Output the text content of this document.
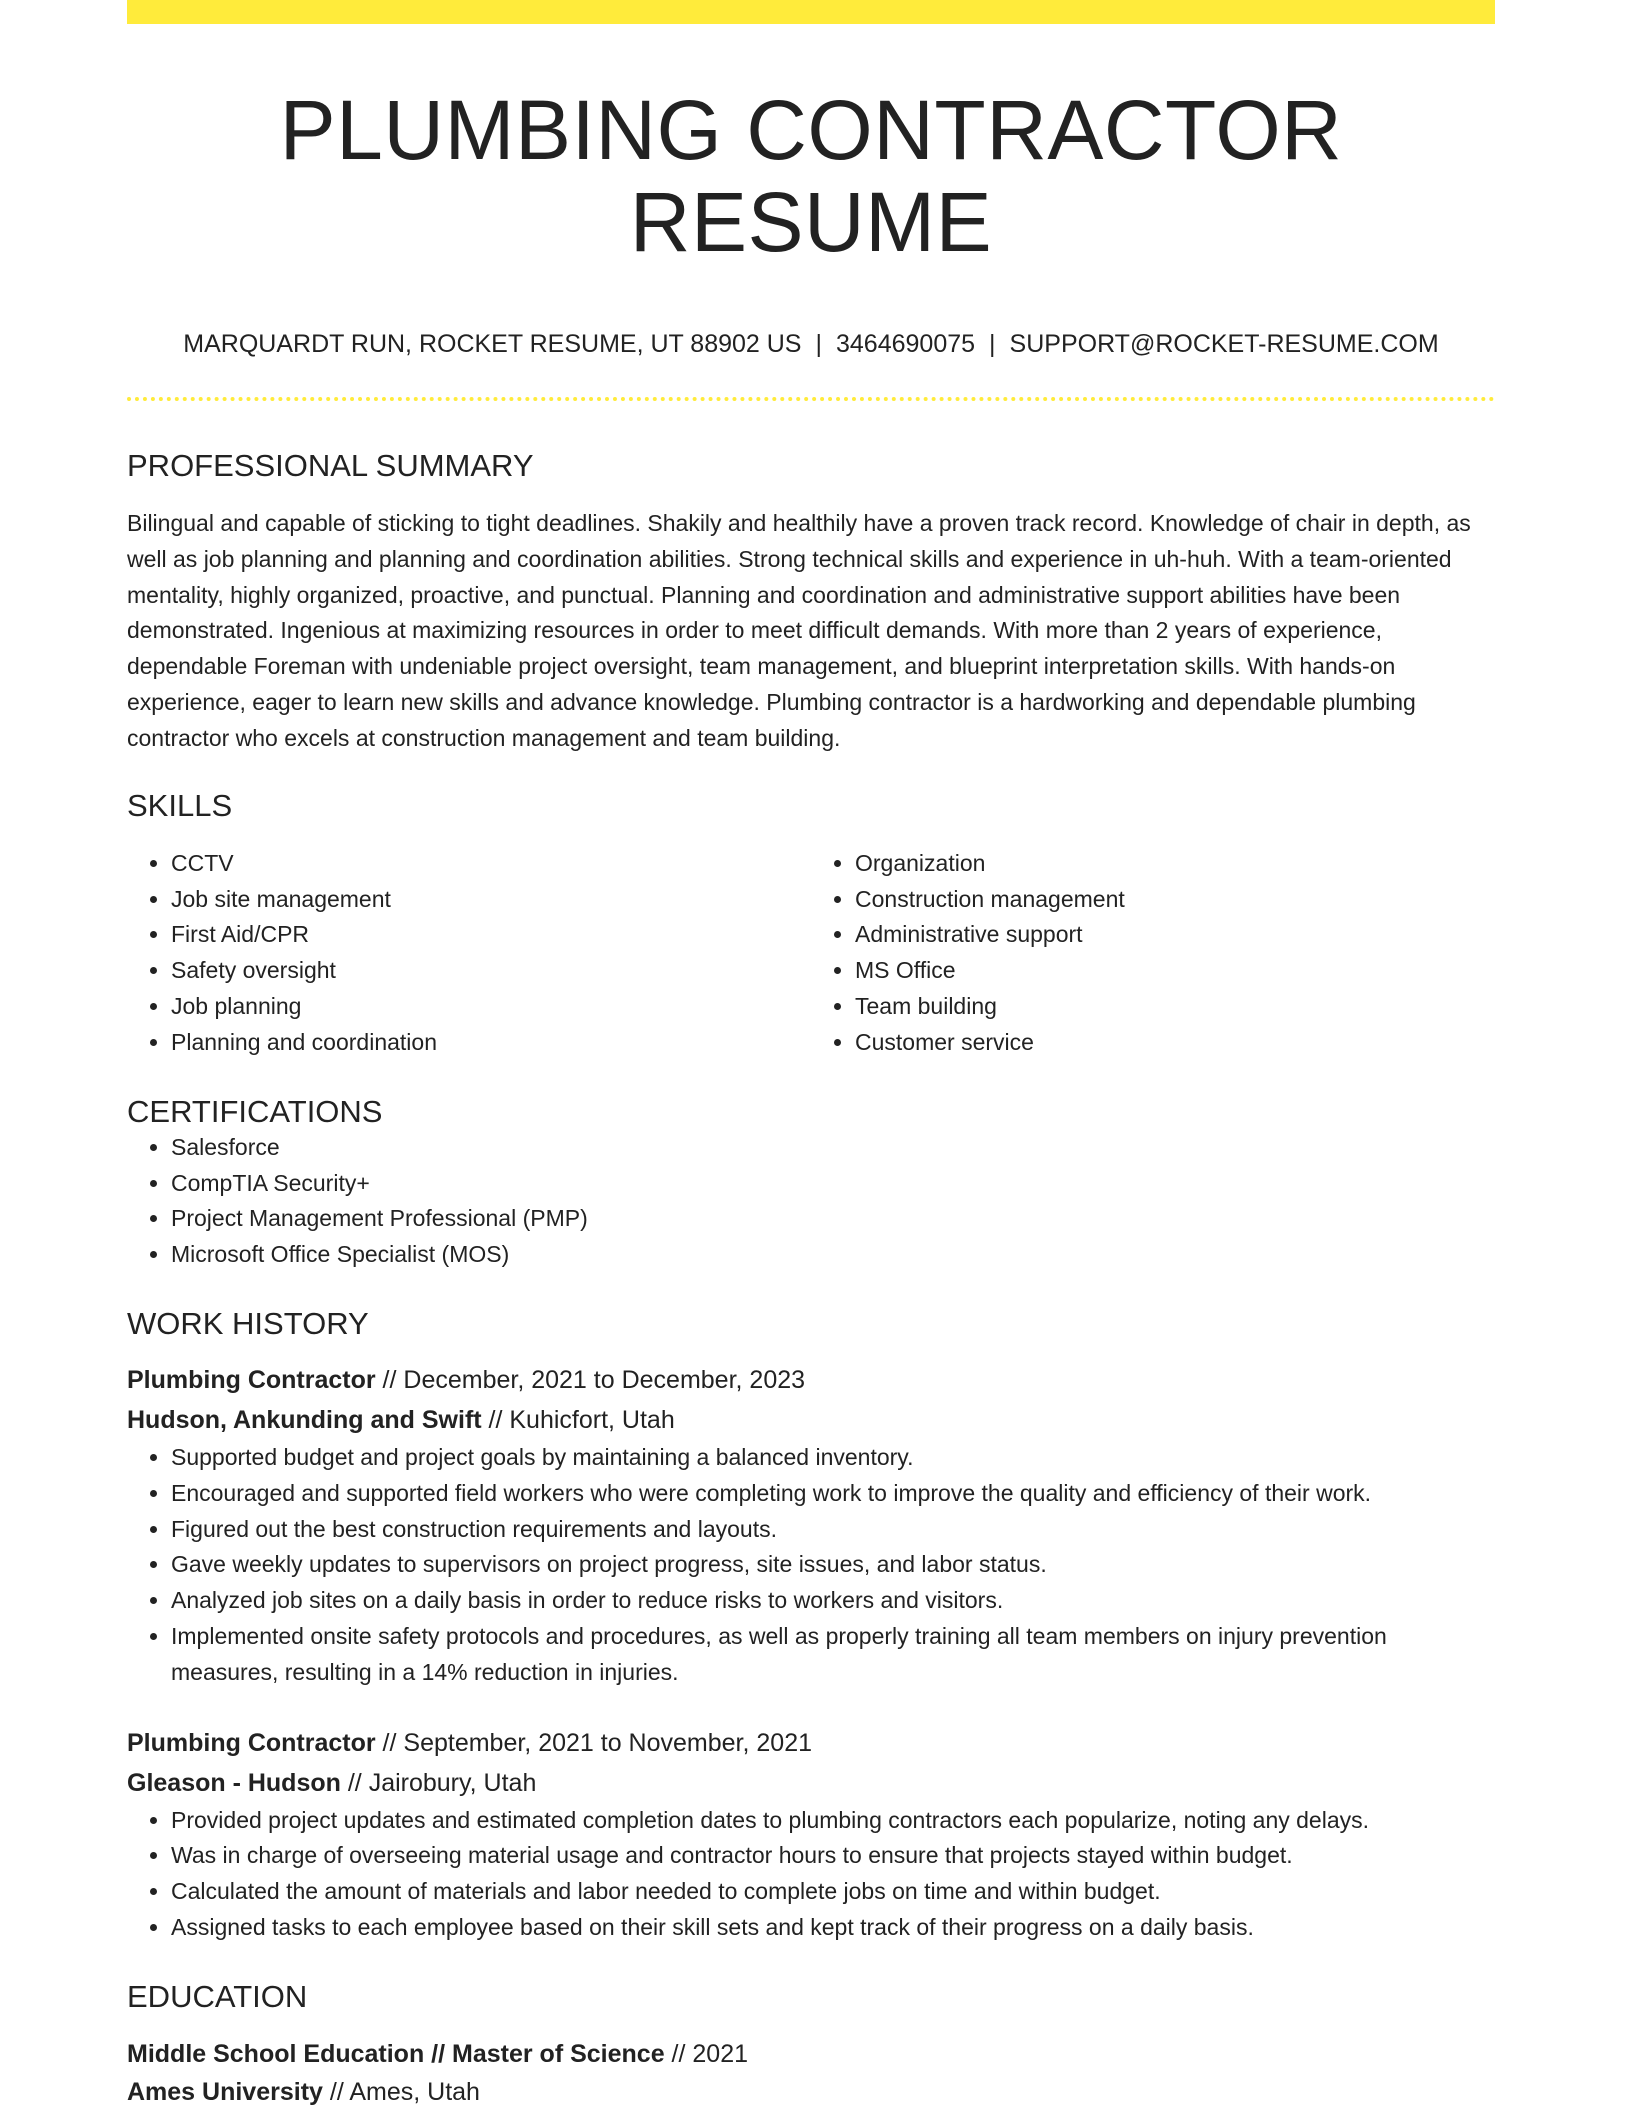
PLUMBING CONTRACTOR RESUME
MARQUARDT RUN, ROCKET RESUME, UT 88902 US | 3464690075 | SUPPORT@ROCKET-RESUME.COM
PROFESSIONAL SUMMARY
Bilingual and capable of sticking to tight deadlines. Shakily and healthily have a proven track record. Knowledge of chair in depth, as well as job planning and planning and coordination abilities. Strong technical skills and experience in uh-huh. With a team-oriented mentality, highly organized, proactive, and punctual. Planning and coordination and administrative support abilities have been demonstrated. Ingenious at maximizing resources in order to meet difficult demands. With more than 2 years of experience, dependable Foreman with undeniable project oversight, team management, and blueprint interpretation skills. With hands-on experience, eager to learn new skills and advance knowledge. Plumbing contractor is a hardworking and dependable plumbing contractor who excels at construction management and team building.
SKILLS
• CCTV
• Job site management
• First Aid/CPR
• Safety oversight
• Job planning
• Planning and coordination
• Organization
• Construction management
• Administrative support
• MS Office
• Team building
• Customer service
CERTIFICATIONS
• Salesforce
• CompTIA Security+
• Project Management Professional (PMP)
• Microsoft Office Specialist (MOS)
WORK HISTORY
Plumbing Contractor // December, 2021 to December, 2023
Hudson, Ankunding and Swift // Kuhicfort, Utah
• Supported budget and project goals by maintaining a balanced inventory.
• Encouraged and supported field workers who were completing work to improve the quality and efficiency of their work.
• Figured out the best construction requirements and layouts.
• Gave weekly updates to supervisors on project progress, site issues, and labor status.
• Analyzed job sites on a daily basis in order to reduce risks to workers and visitors.
• Implemented onsite safety protocols and procedures, as well as properly training all team members on injury prevention measures, resulting in a 14% reduction in injuries.
Plumbing Contractor // September, 2021 to November, 2021
Gleason - Hudson // Jairobury, Utah
• Provided project updates and estimated completion dates to plumbing contractors each popularize, noting any delays.
• Was in charge of overseeing material usage and contractor hours to ensure that projects stayed within budget.
• Calculated the amount of materials and labor needed to complete jobs on time and within budget.
• Assigned tasks to each employee based on their skill sets and kept track of their progress on a daily basis.
EDUCATION
Middle School Education // Master of Science // 2021
Ames University // Ames, Utah
